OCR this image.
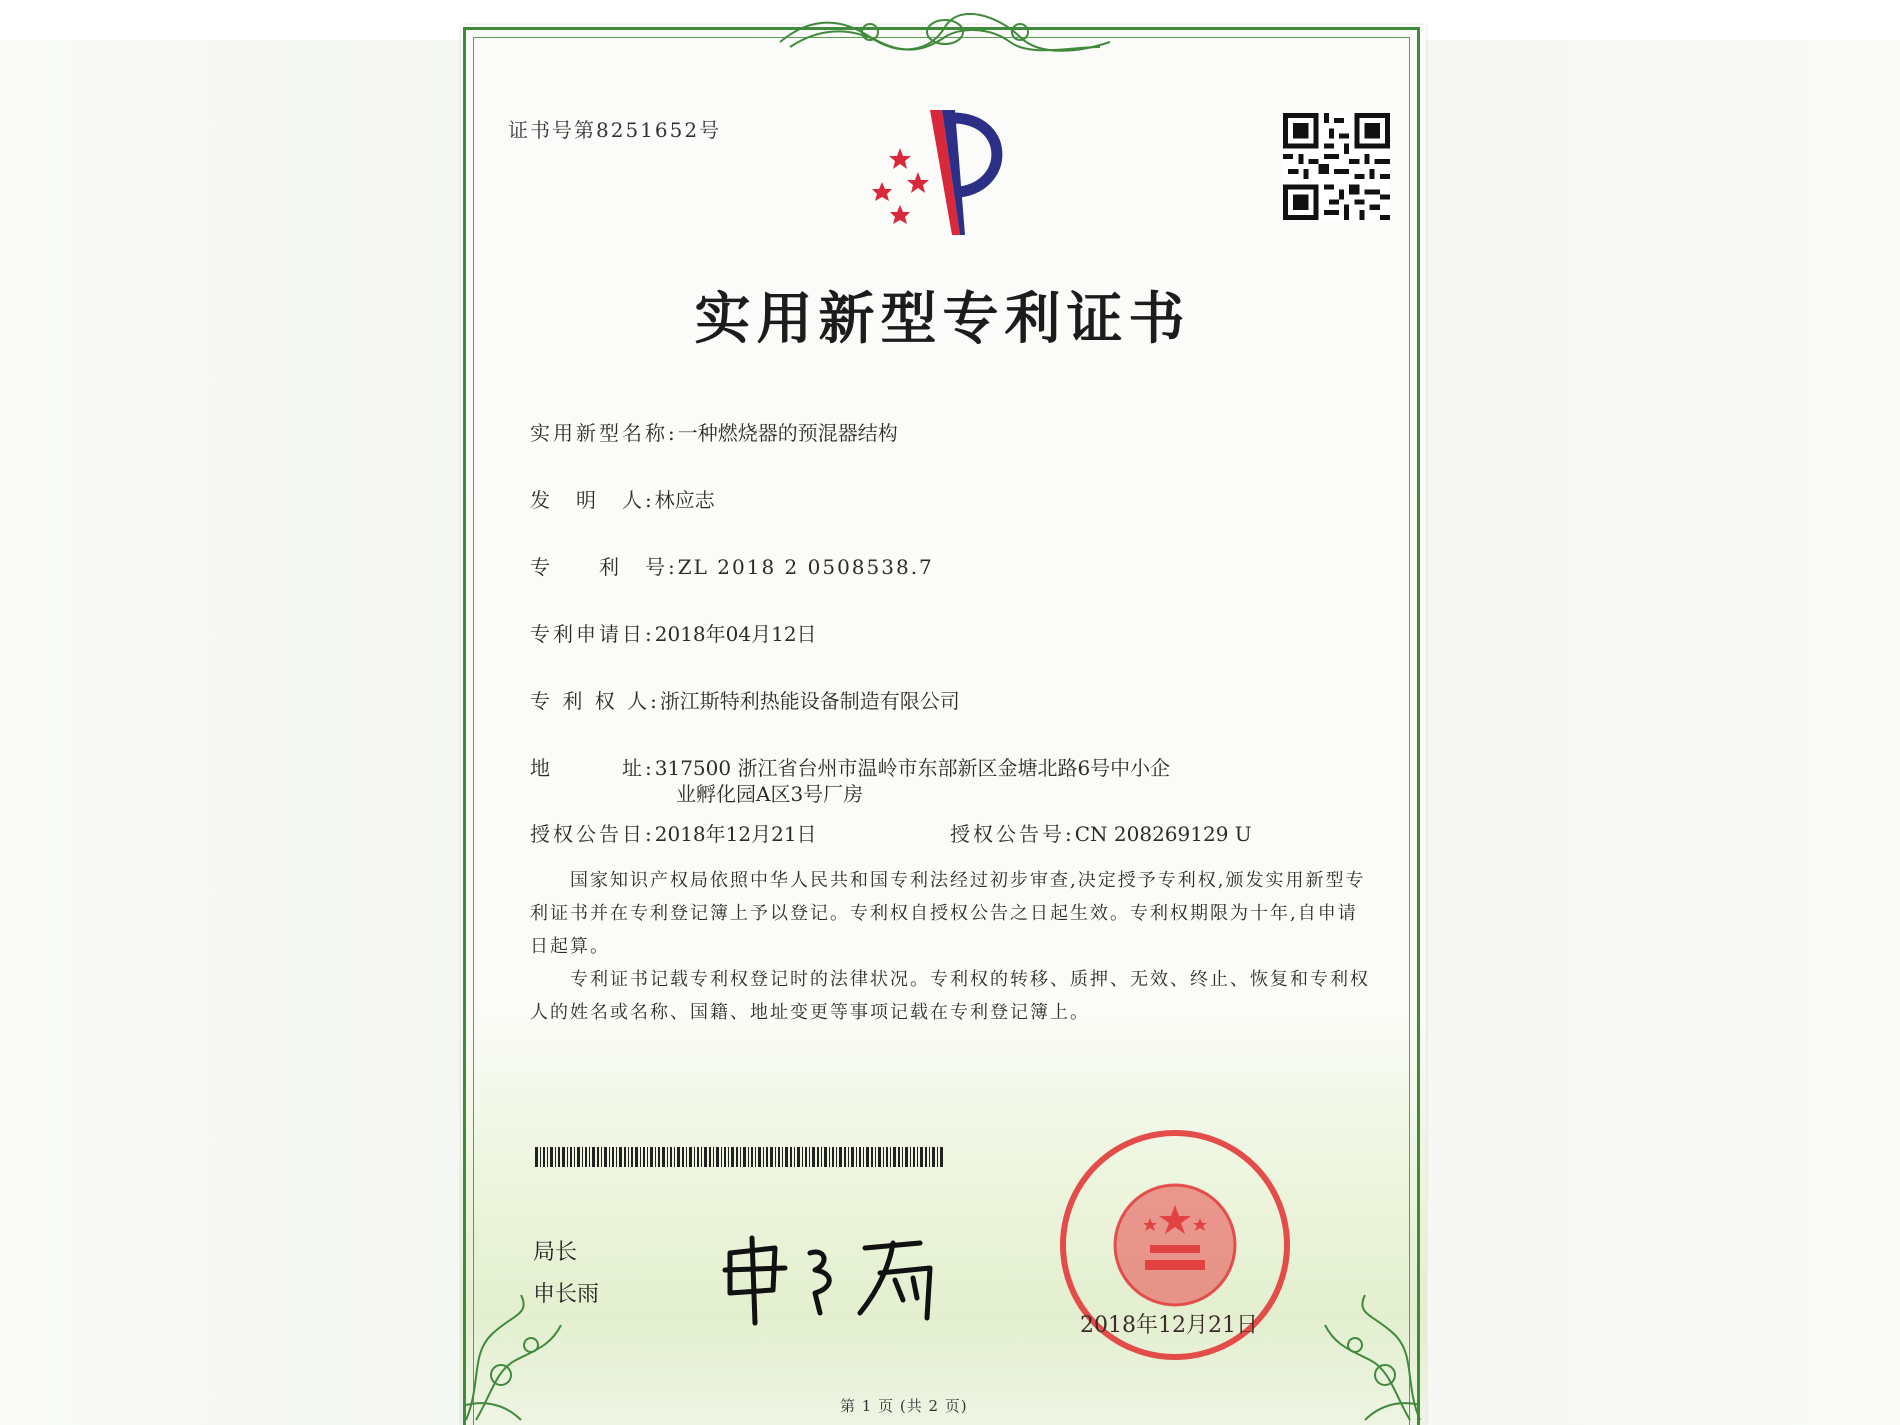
证书号第8251652号
实用新型专利证书
实用新型名称:一种燃烧器的预混器结构
发　明　人:林应志
专　　利　号:ZL 2018 2 0508538.7
专利申请日:2018年04月12日
专 利 权 人:浙江斯特利热能设备制造有限公司
地　　　址:317500 浙江省台州市温岭市东部新区金塘北路6号中小企
业孵化园A区3号厂房
授权公告日:2018年12月21日	授权公告号:CN 208269129 U
国家知识产权局依照中华人民共和国专利法经过初步审查,决定授予专利权,颁发实用新型专利证书并在专利登记簿上予以登记。专利权自授权公告之日起生效。专利权期限为十年,自申请日起算。
专利证书记载专利权登记时的法律状况。专利权的转移、质押、无效、终止、恢复和专利权人的姓名或名称、国籍、地址变更等事项记载在专利登记簿上。
局长
申长雨
2018年12月21日
第 1 页 (共 2 页)
